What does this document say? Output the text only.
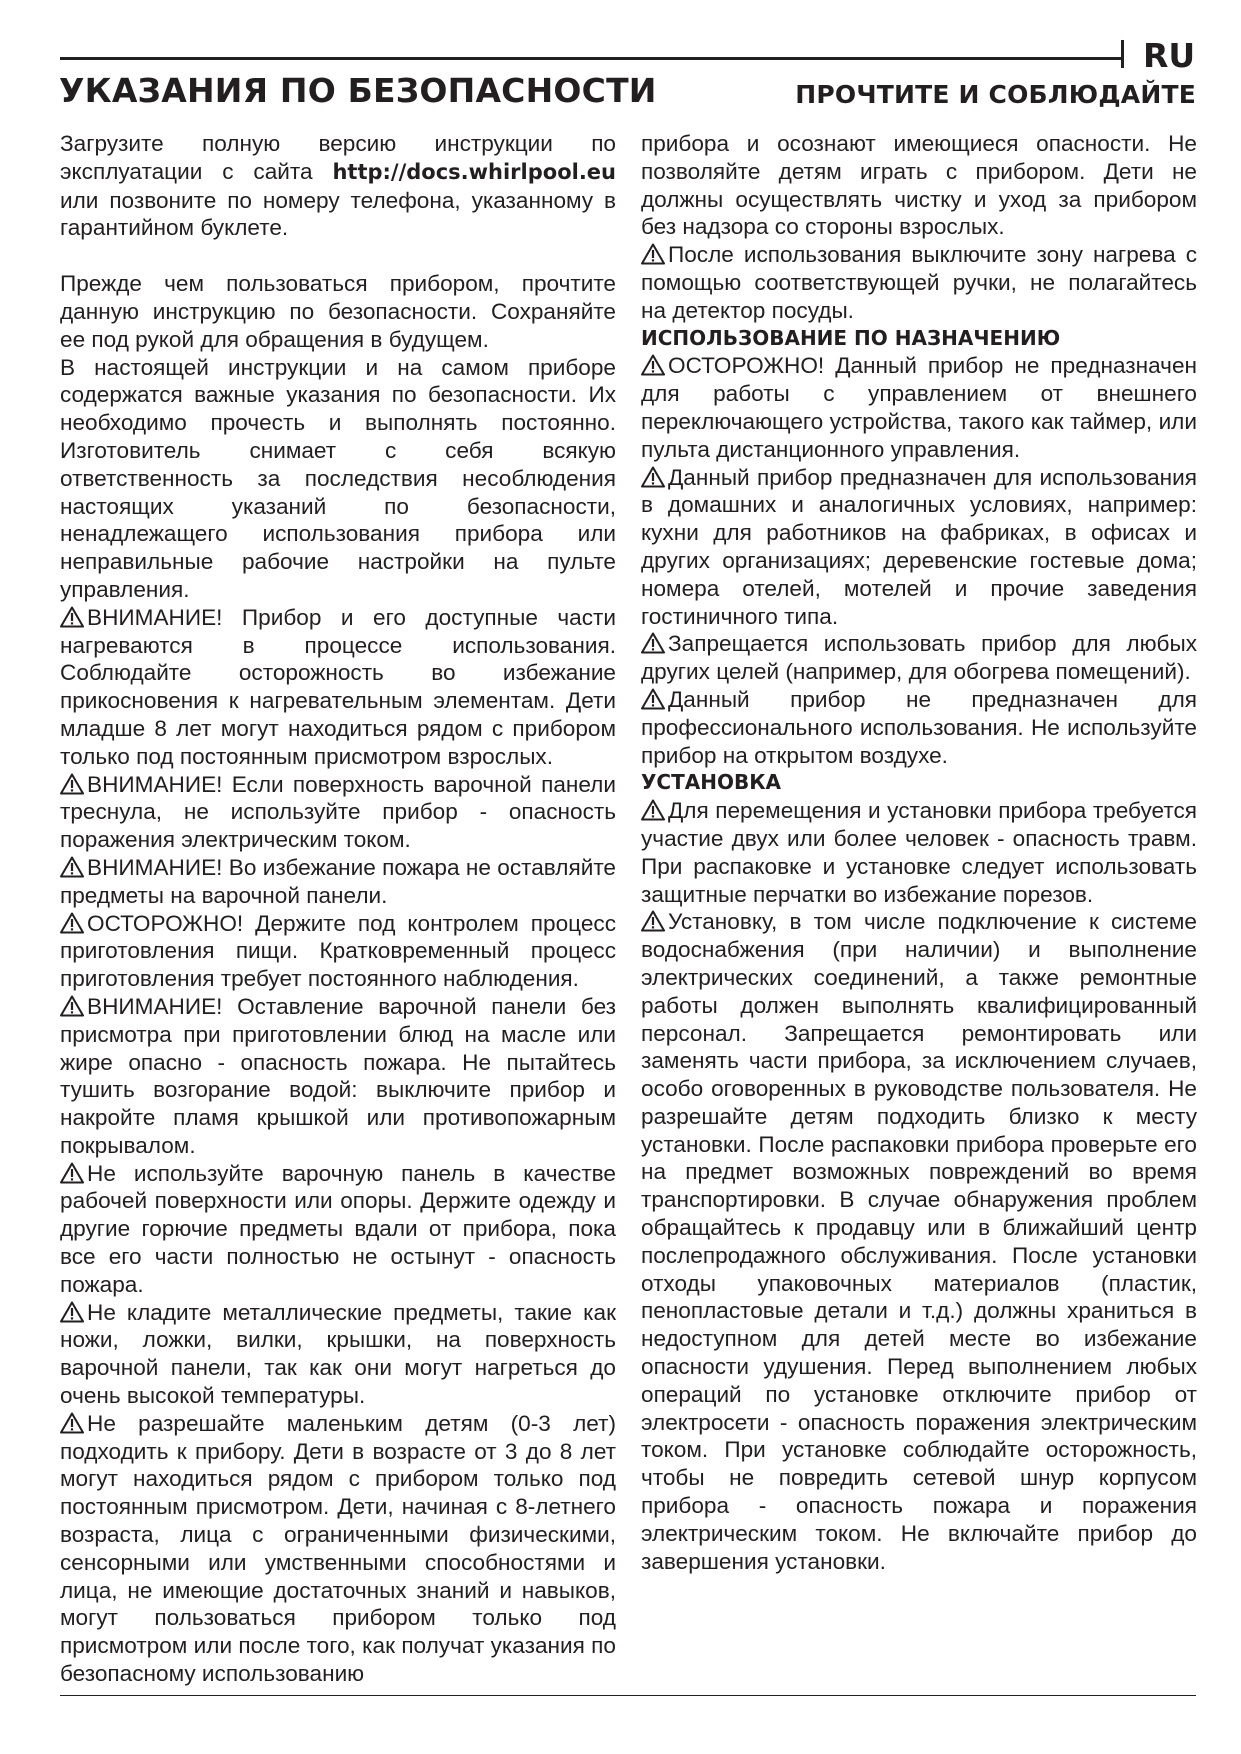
RU
УКАЗАНИЯ ПО БЕЗОПАСНОСТИ	ПРОЧТИТЕ И СОБЛЮДАЙТЕ

Загрузите полную версию инструкции по эксплуатации с сайта http://docs.whirlpool.eu или позвоните по номеру телефона, указанному в гарантийном буклете.

Прежде чем пользоваться прибором, прочтите данную инструкцию по безопасности. Сохраняйте ее под рукой для обращения в будущем.

В настоящей инструкции и на самом приборе содержатся важные указания по безопасности. Их необходимо прочесть и выполнять постоянно. Изготовитель снимает с себя всякую ответственность за последствия несоблюдения настоящих указаний по безопасности, ненадлежащего использования прибора или неправильные рабочие настройки на пульте управления.

ВНИМАНИЕ! Прибор и его доступные части нагреваются в процессе использования. Соблюдайте осторожность во избежание прикосновения к нагревательным элементам. Дети младше 8 лет могут находиться рядом с прибором только под постоянным присмотром взрослых.

ВНИМАНИЕ! Если поверхность варочной панели треснула, не используйте прибор - опасность поражения электрическим током.

ВНИМАНИЕ! Во избежание пожара не оставляйте предметы на варочной панели.

ОСТОРОЖНО! Держите под контролем процесс приготовления пищи. Кратковременный процесс приготовления требует постоянного наблюдения.

ВНИМАНИЕ! Оставление варочной панели без присмотра при приготовлении блюд на масле или жире опасно - опасность пожара. Не пытайтесь тушить возгорание водой: выключите прибор и накройте пламя крышкой или противопожарным покрывалом.

Не используйте варочную панель в качестве рабочей поверхности или опоры. Держите одежду и другие горючие предметы вдали от прибора, пока все его части полностью не остынут - опасность пожара.

Не кладите металлические предметы, такие как ножи, ложки, вилки, крышки, на поверхность варочной панели, так как они могут нагреться до очень высокой температуры.

Не разрешайте маленьким детям (0-3 лет) подходить к прибору. Дети в возрасте от 3 до 8 лет могут находиться рядом с прибором только под постоянным присмотром. Дети, начиная с 8-летнего возраста, лица с ограниченными физическими, сенсорными или умственными способностями и лица, не имеющие достаточных знаний и навыков, могут пользоваться прибором только под присмотром или после того, как получат указания по безопасному использованию

прибора и осознают имеющиеся опасности. Не позволяйте детям играть с прибором. Дети не должны осуществлять чистку и уход за прибором без надзора со стороны взрослых.

После использования выключите зону нагрева с помощью соответствующей ручки, не полагайтесь на детектор посуды.

ИСПОЛЬЗОВАНИЕ ПО НАЗНАЧЕНИЮ

ОСТОРОЖНО! Данный прибор не предназначен для работы с управлением от внешнего переключающего устройства, такого как таймер, или пульта дистанционного управления.

Данный прибор предназначен для использования в домашних и аналогичных условиях, например: кухни для работников на фабриках, в офисах и других организациях; деревенские гостевые дома; номера отелей, мотелей и прочие заведения гостиничного типа.

Запрещается использовать прибор для любых других целей (например, для обогрева помещений).

Данный прибор не предназначен для профессионального использования. Не используйте прибор на открытом воздухе.

УСТАНОВКА

Для перемещения и установки прибора требуется участие двух или более человек - опасность травм. При распаковке и установке следует использовать защитные перчатки во избежание порезов.

Установку, в том числе подключение к системе водоснабжения (при наличии) и выполнение электрических соединений, а также ремонтные работы должен выполнять квалифицированный персонал. Запрещается ремонтировать или заменять части прибора, за исключением случаев, особо оговоренных в руководстве пользователя. Не разрешайте детям подходить близко к месту установки. После распаковки прибора проверьте его на предмет возможных повреждений во время транспортировки. В случае обнаружения проблем обращайтесь к продавцу или в ближайший центр послепродажного обслуживания. После установки отходы упаковочных материалов (пластик, пенопластовые детали и т.д.) должны храниться в недоступном для детей месте во избежание опасности удушения. Перед выполнением любых операций по установке отключите прибор от электросети - опасность поражения электрическим током. При установке соблюдайте осторожность, чтобы не повредить сетевой шнур корпусом прибора - опасность пожара и поражения электрическим током. Не включайте прибор до завершения установки.
